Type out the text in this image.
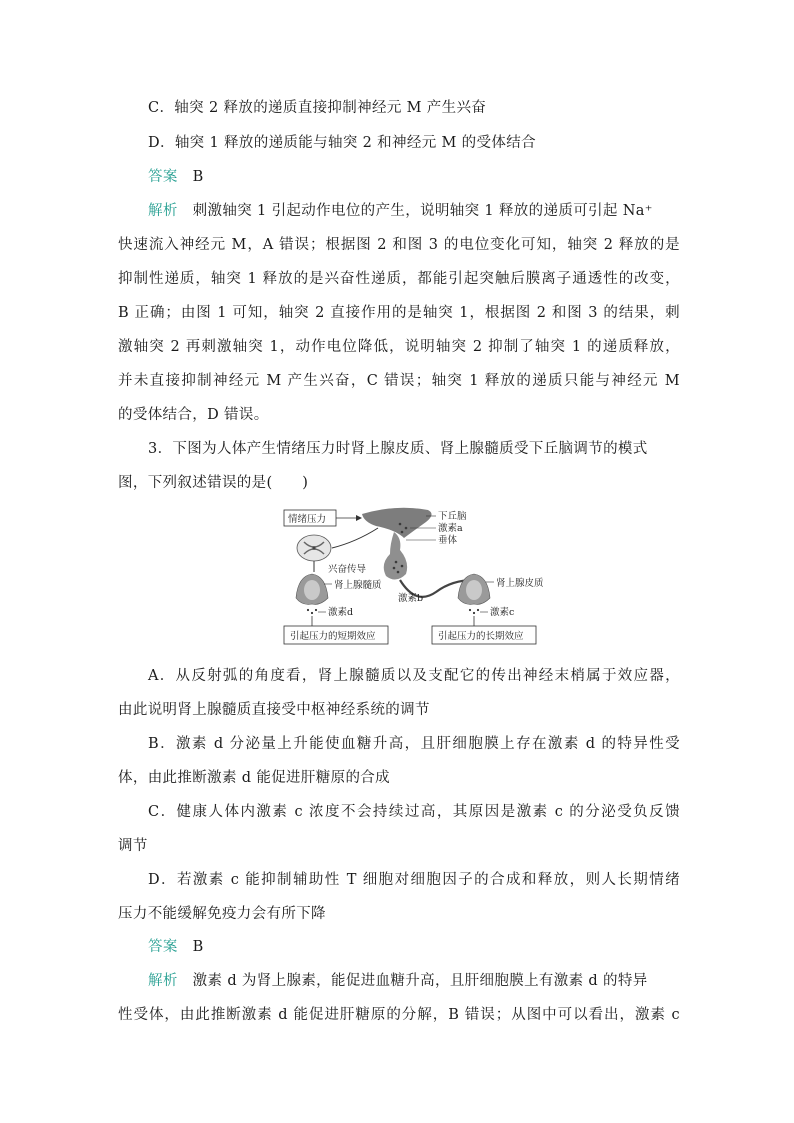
C．轴突 2 释放的递质直接抑制神经元 M 产生兴奋
D．轴突 1 释放的递质能与轴突 2 和神经元 M 的受体结合
答案 B
解析 刺激轴突 1 引起动作电位的产生，说明轴突 1 释放的递质可引起 Na⁺
快速流入神经元 M，A 错误；根据图 2 和图 3 的电位变化可知，轴突 2 释放的是
抑制性递质，轴突 1 释放的是兴奋性递质，都能引起突触后膜离子通透性的改变，
B 正确；由图 1 可知，轴突 2 直接作用的是轴突 1，根据图 2 和图 3 的结果，刺
激轴突 2 再刺激轴突 1，动作电位降低，说明轴突 2 抑制了轴突 1 的递质释放，
并未直接抑制神经元 M 产生兴奋，C 错误；轴突 1 释放的递质只能与神经元 M
的受体结合，D 错误。
3．下图为人体产生情绪压力时肾上腺皮质、肾上腺髓质受下丘脑调节的模式
图，下列叙述错误的是(　　)
情绪压力	下丘脑
激素a
垂体
兴奋传导
肾上腺髓质
激素d
激素b
肾上腺皮质
激素c
引起压力的短期效应	引起压力的长期效应
A．从反射弧的角度看，肾上腺髓质以及支配它的传出神经末梢属于效应器，
由此说明肾上腺髓质直接受中枢神经系统的调节
B．激素 d 分泌量上升能使血糖升高，且肝细胞膜上存在激素 d 的特异性受
体，由此推断激素 d 能促进肝糖原的合成
C．健康人体内激素 c 浓度不会持续过高，其原因是激素 c 的分泌受负反馈
调节
D．若激素 c 能抑制辅助性 T 细胞对细胞因子的合成和释放，则人长期情绪
压力不能缓解免疫力会有所下降
答案 B
解析 激素 d 为肾上腺素，能促进血糖升高，且肝细胞膜上有激素 d 的特异
性受体，由此推断激素 d 能促进肝糖原的分解，B 错误；从图中可以看出，激素 c
